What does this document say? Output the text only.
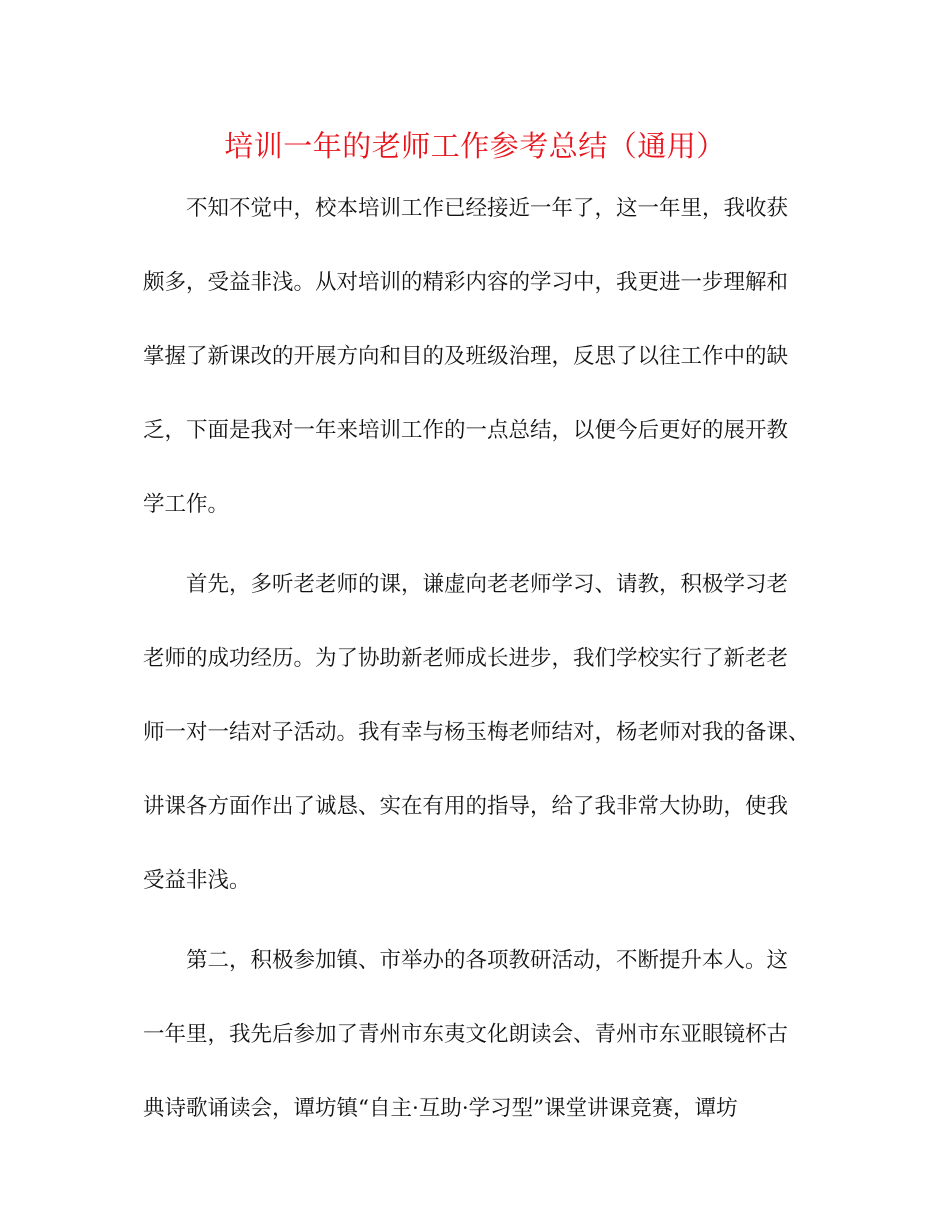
培训一年的老师工作参考总结（通用）
不知不觉中，校本培训工作已经接近一年了，这一年里，我收获
颇多，受益非浅。从对培训的精彩内容的学习中，我更进一步理解和
掌握了新课改的开展方向和目的及班级治理，反思了以往工作中的缺
乏，下面是我对一年来培训工作的一点总结，以便今后更好的展开教
学工作。
首先，多听老老师的课，谦虚向老老师学习、请教，积极学习老
老师的成功经历。为了协助新老师成长进步，我们学校实行了新老老
师一对一结对子活动。我有幸与杨玉梅老师结对，杨老师对我的备课、
讲课各方面作出了诚恳、实在有用的指导，给了我非常大协助，使我
受益非浅。
第二，积极参加镇、市举办的各项教研活动，不断提升本人。这
一年里，我先后参加了青州市东夷文化朗读会、青州市东亚眼镜杯古
典诗歌诵读会，谭坊镇“自主·互助·学习型”课堂讲课竞赛，谭坊
